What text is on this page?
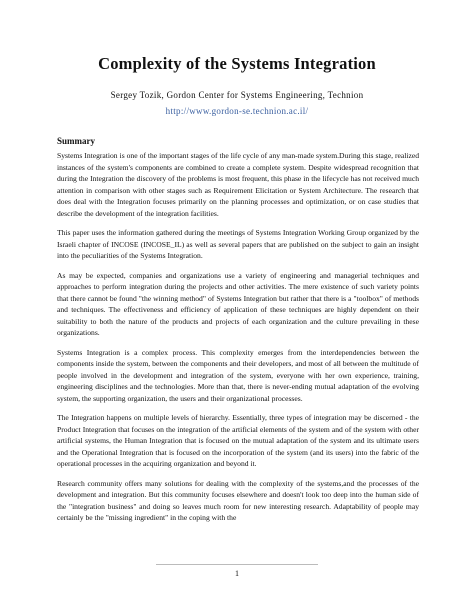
Complexity of the Systems Integration
Sergey Tozik, Gordon Center for Systems Engineering, Technion
http://www.gordon-se.technion.ac.il/
Summary

Systems Integration is one of the important stages of the life cycle of any man-made system.During this stage, realized instances of the system's components are combined to create a complete system. Despite widespread recognition that during the Integration the discovery of the problems is most frequent, this phase in the lifecycle has not received much attention in comparison with other stages such as Requirement Elicitation or System Architecture. The research that does deal with the Integration focuses primarily on the planning processes and optimization, or on case studies that describe the development of the integration facilities.

This paper uses the information gathered during the meetings of Systems Integration Working Group organized by the Israeli chapter of INCOSE (INCOSE_IL) as well as several papers that are published on the subject to gain an insight into the peculiarities of the Systems Integration.

As may be expected, companies and organizations use a variety of engineering and managerial techniques and approaches to perform integration during the projects and other activities. The mere existence of such variety points that there cannot be found "the winning method" of Systems Integration but rather that there is a "toolbox" of methods and techniques. The effectiveness and efficiency of application of these techniques are highly dependent on their suitability to both the nature of the products and projects of each organization and the culture prevailing in these organizations.

Systems Integration is a complex process. This complexity emerges from the interdependencies between the components inside the system, between the components and their developers, and most of all between the multitude of people involved in the development and integration of the system, everyone with her own experience, training, engineering disciplines and the technologies. More than that, there is never-ending mutual adaptation of the evolving system, the supporting organization, the users and their organizational processes.

The Integration happens on multiple levels of hierarchy. Essentially, three types of integration may be discerned - the Product Integration that focuses on the integration of the artificial elements of the system and of the system with other artificial systems, the Human Integration that is focused on the mutual adaptation of the system and its ultimate users and the Operational Integration that is focused on the incorporation of the system (and its users) into the fabric of the operational processes in the acquiring organization and beyond it.

Research community offers many solutions for dealing with the complexity of the systems,and the processes of the development and integration. But this community focuses elsewhere and doesn't look too deep into the human side of the "integration business" and doing so leaves much room for new interesting research. Adaptability of people may certainly be the "missing ingredient" in the coping with the

1
